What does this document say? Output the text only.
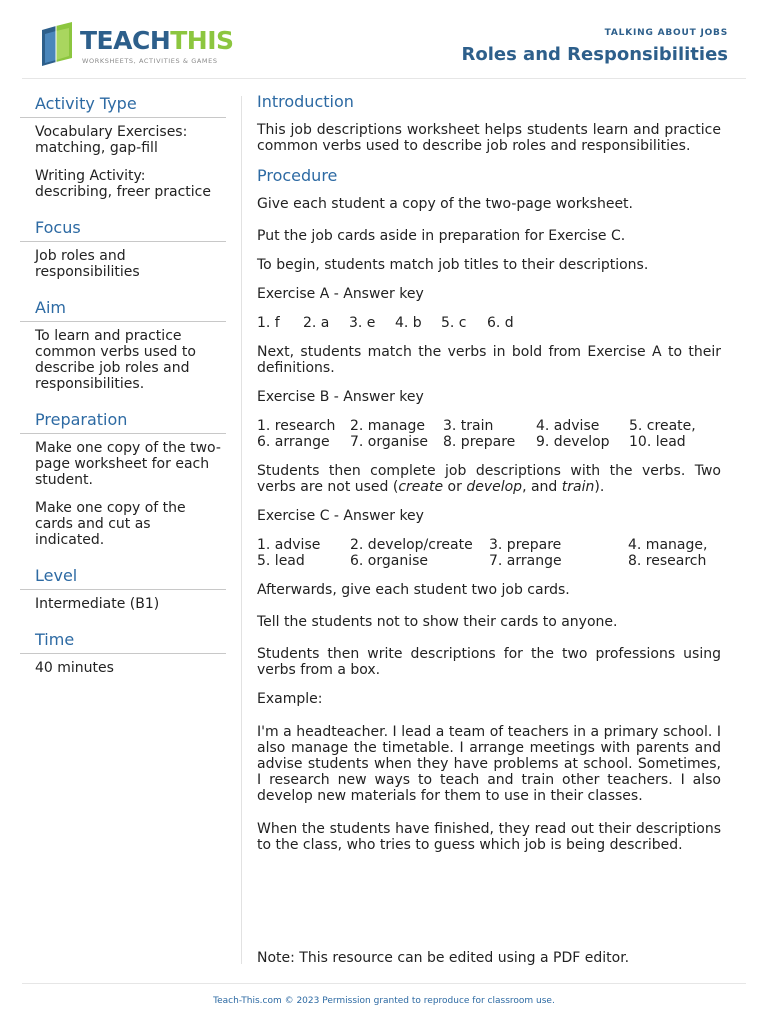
TEACHTHIS
WORKSHEETS, ACTIVITIES & GAMES
TALKING ABOUT JOBS
Roles and Responsibilities
Activity Type
Vocabulary Exercises: matching, gap-fill
Writing Activity: describing, freer practice
Focus
Job roles and responsibilities
Aim
To learn and practice common verbs used to describe job roles and responsibilities.
Preparation
Make one copy of the two-page worksheet for each student.
Make one copy of the cards and cut as indicated.
Level
Intermediate (B1)
Time
40 minutes
Introduction

This job descriptions worksheet helps students learn and practice common verbs used to describe job roles and responsibilities.

Procedure

Give each student a copy of the two-page worksheet.

Put the job cards aside in preparation for Exercise C.

To begin, students match job titles to their descriptions.

Exercise A - Answer key

1. f	2. a	3. e	4. b	5. c	6. d

Next, students match the verbs in bold from Exercise A to their definitions.

Exercise B - Answer key

1. research	2. manage	3. train	4. advise	5. create,
6. arrange	7. organise	8. prepare	9. develop	10. lead

Students then complete job descriptions with the verbs. Two verbs are not used (create or develop, and train).

Exercise C - Answer key

1. advise	2. develop/create	3. prepare	4. manage,
5. lead	6. organise	7. arrange	8. research

Afterwards, give each student two job cards.

Tell the students not to show their cards to anyone.

Students then write descriptions for the two professions using verbs from a box.

Example:

I'm a headteacher. I lead a team of teachers in a primary school. I also manage the timetable. I arrange meetings with parents and advise students when they have problems at school. Sometimes, I research new ways to teach and train other teachers. I also develop new materials for them to use in their classes.

When the students have finished, they read out their descriptions to the class, who tries to guess which job is being described.

Note: This resource can be edited using a PDF editor.
Teach-This.com © 2023 Permission granted to reproduce for classroom use.
